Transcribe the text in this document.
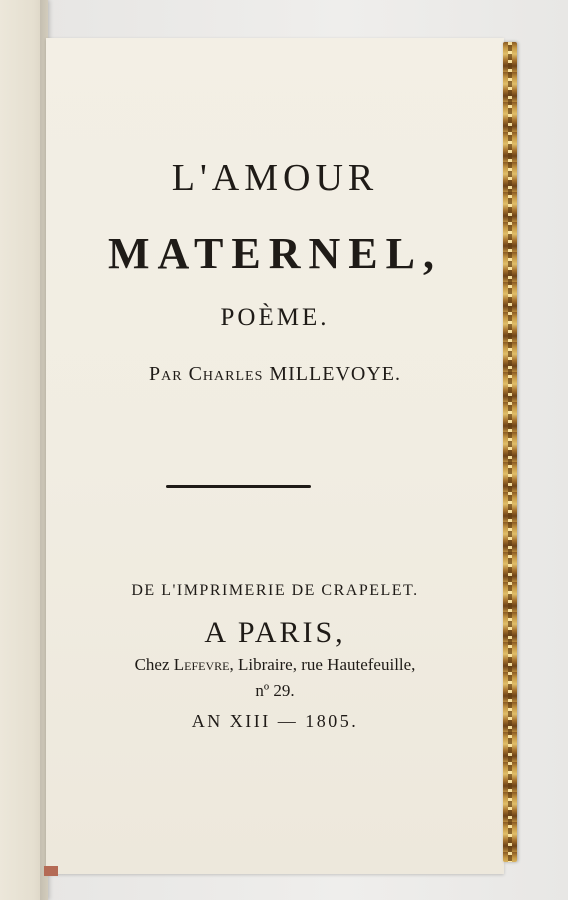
L'AMOUR
MATERNEL,
POÈME.
Par Charles MILLEVOYE.
DE L'IMPRIMERIE DE CRAPELET.
A PARIS,
Chez Lefevre, Libraire, rue Hautefeuille,
nº 29.
AN XIII — 1805.
